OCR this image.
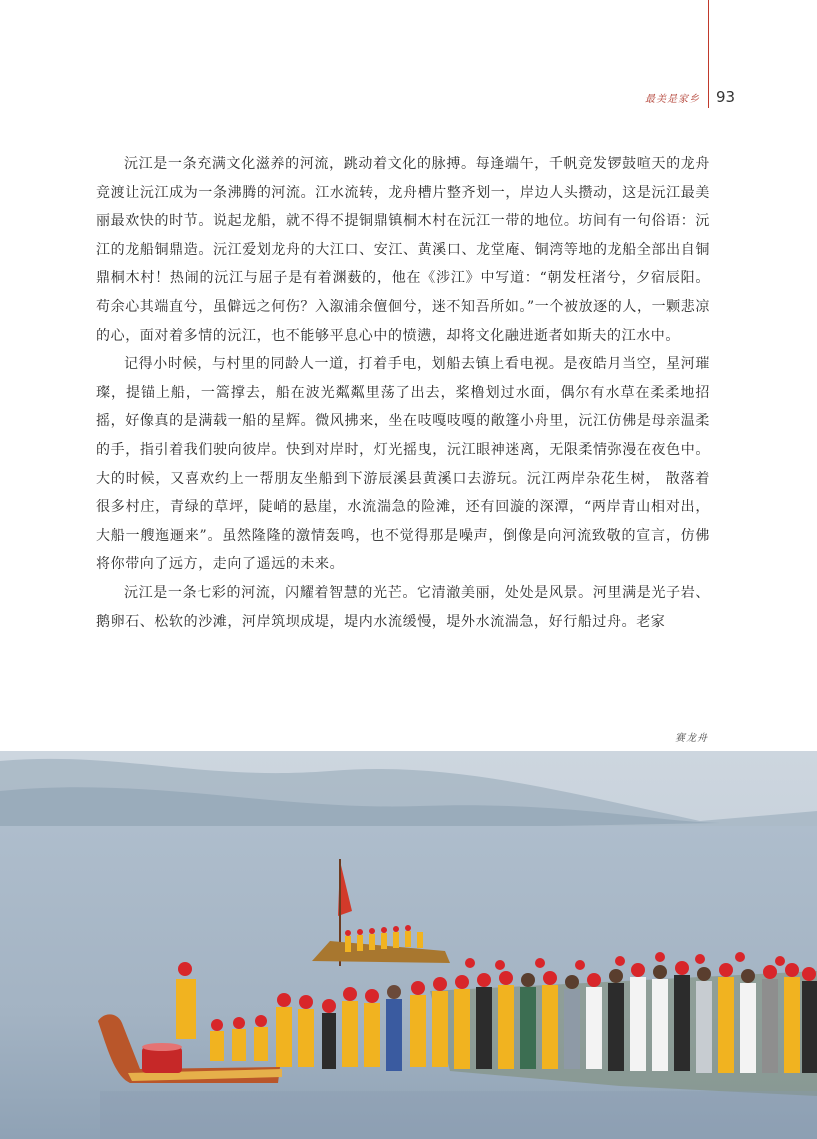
最美是家乡 93

沅江是一条充满文化滋养的河流，跳动着文化的脉搏。每逢端午，千帆竞发锣鼓喧天的龙舟竞渡让沅江成为一条沸腾的河流。江水流转，龙舟槽片整齐划一，岸边人头攒动，这是沅江最美丽最欢快的时节。说起龙船，就不得不提铜鼎镇桐木村在沅江一带的地位。坊间有一句俗语：沅江的龙船铜鼎造。沅江爱划龙舟的大江口、安江、黄溪口、龙堂庵、铜湾等地的龙船全部出自铜鼎桐木村！热闹的沅江与屈子是有着渊薮的，他在《涉江》中写道：“朝发枉渚兮，夕宿辰阳。苟余心其端直兮，虽僻远之何伤？入溆浦余儃佪兮，迷不知吾所如。”一个被放逐的人，一颗悲凉的心，面对着多情的沅江，也不能够平息心中的愤懑，却将文化融进逝者如斯夫的江水中。

记得小时候，与村里的同龄人一道，打着手电，划船去镇上看电视。是夜皓月当空，星河璀璨，提锚上船，一篙撑去，船在波光粼粼里荡了出去，桨橹划过水面，偶尔有水草在柔柔地招摇，好像真的是满载一船的星辉。微风拂来，坐在吱嘎吱嘎的敞篷小舟里，沅江仿佛是母亲温柔的手，指引着我们驶向彼岸。快到对岸时，灯光摇曳，沅江眼神迷离，无限柔情弥漫在夜色中。大的时候，又喜欢约上一帮朋友坐船到下游辰溪县黄溪口去游玩。沅江两岸杂花生树， 散落着很多村庄，青绿的草坪，陡峭的悬崖，水流湍急的险滩，还有回漩的深潭，“两岸青山相对出，大船一艘迤逦来”。虽然隆隆的激情轰鸣，也不觉得那是噪声，倒像是向河流致敬的宣言，仿佛将你带向了远方，走向了遥远的未来。

沅江是一条七彩的河流，闪耀着智慧的光芒。它清澈美丽，处处是风景。河里满是光子岩、鹅卵石、松软的沙滩，河岸筑坝成堤，堤内水流缓慢，堤外水流湍急，好行船过舟。老家

赛龙舟
